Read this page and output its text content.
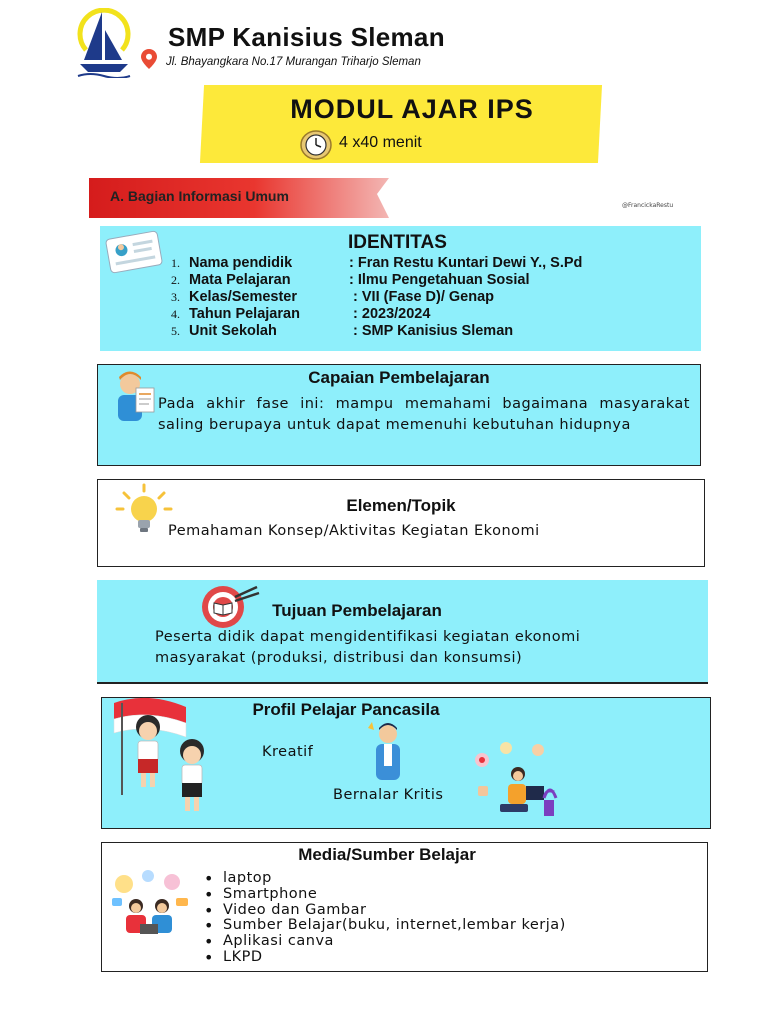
SMP Kanisius Sleman
Jl. Bhayangkara No.17 Murangan Triharjo Sleman
MODUL AJAR IPS
4 x40 menit
A. Bagian Informasi Umum
@FrancickaRestu
IDENTITAS
1. Nama pendidik	: Fran Restu Kuntari Dewi Y., S.Pd
2. Mata Pelajaran	: Ilmu Pengetahuan Sosial
3. Kelas/Semester	: VII (Fase D)/ Genap
4. Tahun Pelajaran	: 2023/2024
5. Unit Sekolah	: SMP Kanisius Sleman
Capaian Pembelajaran
Pada akhir fase ini: mampu memahami bagaimana masyarakat saling berupaya untuk dapat memenuhi kebutuhan hidupnya
Elemen/Topik
Pemahaman Konsep/Aktivitas Kegiatan Ekonomi
Tujuan Pembelajaran
Peserta didik dapat mengidentifikasi kegiatan ekonomi
masyarakat (produksi, distribusi dan konsumsi)
Profil Pelajar Pancasila
Kreatif
Bernalar Kritis
Media/Sumber Belajar
• laptop
• Smartphone
• Video dan Gambar
• Sumber Belajar(buku, internet,lembar kerja)
• Aplikasi canva
• LKPD
